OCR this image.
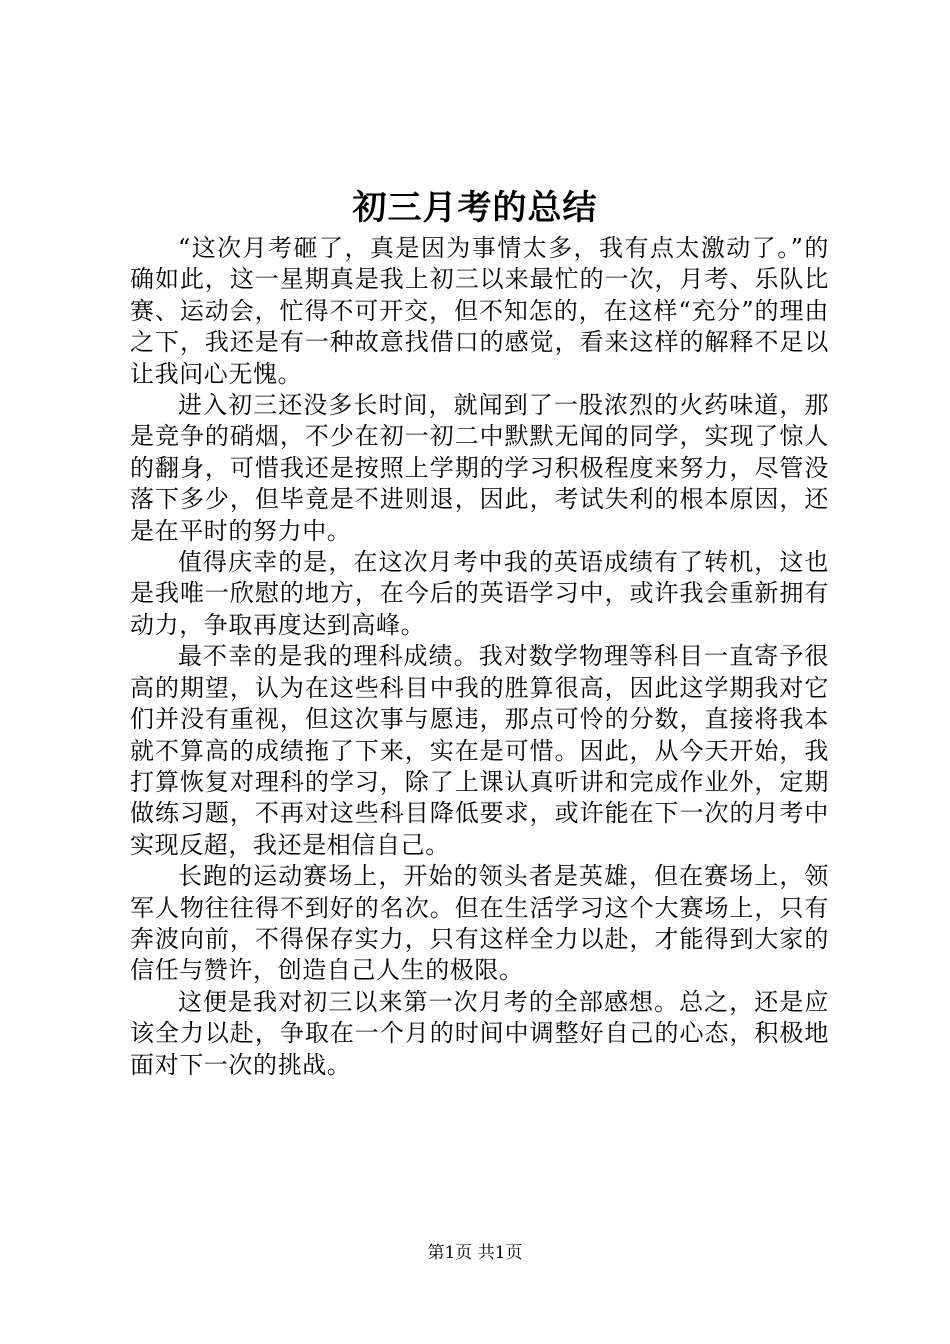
初三月考的总结

“这次月考砸了，真是因为事情太多，我有点太激动了。”的确如此，这一星期真是我上初三以来最忙的一次，月考、乐队比赛、运动会，忙得不可开交，但不知怎的，在这样“充分”的理由之下，我还是有一种故意找借口的感觉，看来这样的解释不足以让我问心无愧。

进入初三还没多长时间，就闻到了一股浓烈的火药味道，那是竞争的硝烟，不少在初一初二中默默无闻的同学，实现了惊人的翻身，可惜我还是按照上学期的学习积极程度来努力，尽管没落下多少，但毕竟是不进则退，因此，考试失利的根本原因，还是在平时的努力中。

值得庆幸的是，在这次月考中我的英语成绩有了转机，这也是我唯一欣慰的地方，在今后的英语学习中，或许我会重新拥有动力，争取再度达到高峰。

最不幸的是我的理科成绩。我对数学物理等科目一直寄予很高的期望，认为在这些科目中我的胜算很高，因此这学期我对它们并没有重视，但这次事与愿违，那点可怜的分数，直接将我本就不算高的成绩拖了下来，实在是可惜。因此，从今天开始，我打算恢复对理科的学习，除了上课认真听讲和完成作业外，定期做练习题，不再对这些科目降低要求，或许能在下一次的月考中实现反超，我还是相信自己。

长跑的运动赛场上，开始的领头者是英雄，但在赛场上，领军人物往往得不到好的名次。但在生活学习这个大赛场上，只有奔波向前，不得保存实力，只有这样全力以赴，才能得到大家的信任与赞许，创造自己人生的极限。

这便是我对初三以来第一次月考的全部感想。总之，还是应该全力以赴，争取在一个月的时间中调整好自己的心态，积极地面对下一次的挑战。

第1页 共1页
